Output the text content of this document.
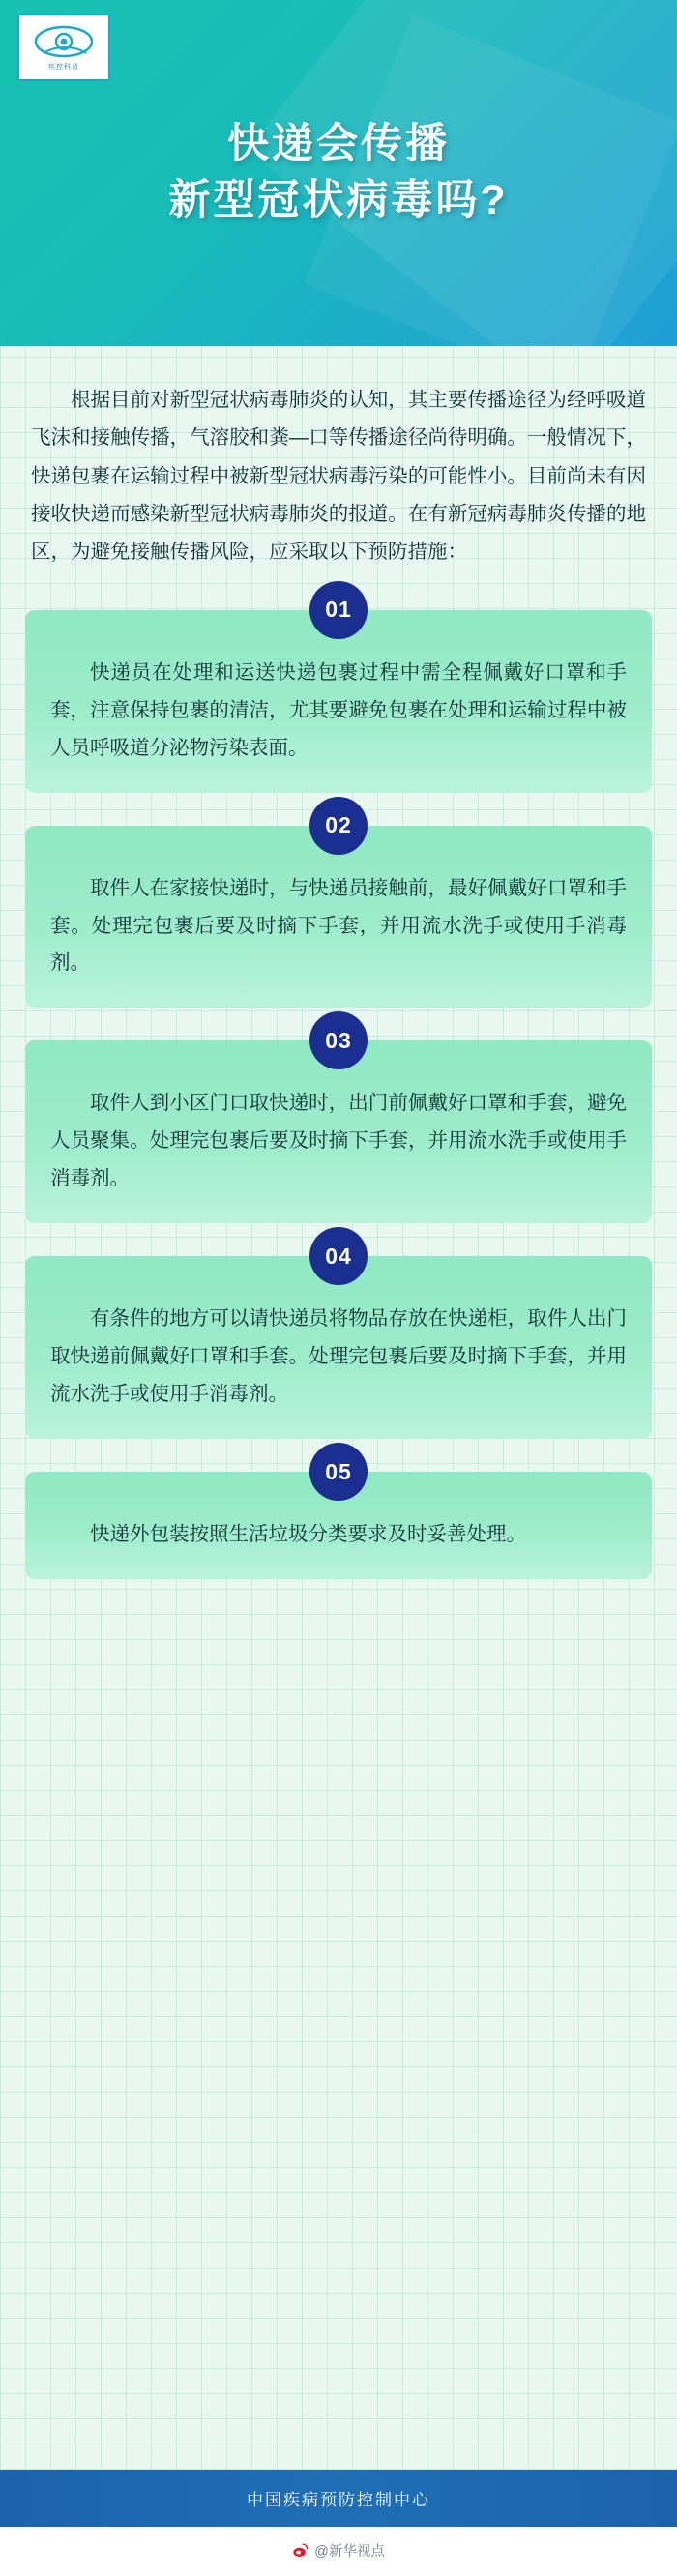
疾控科普
快递会传播
新型冠状病毒吗?

根据目前对新型冠状病毒肺炎的认知，其主要传播途径为经呼吸道飞沫和接触传播，气溶胶和粪—口等传播途径尚待明确。一般情况下，快递包裹在运输过程中被新型冠状病毒污染的可能性小。目前尚未有因接收快递而感染新型冠状病毒肺炎的报道。在有新冠病毒肺炎传播的地区，为避免接触传播风险，应采取以下预防措施：

01
快递员在处理和运送快递包裹过程中需全程佩戴好口罩和手套，注意保持包裹的清洁，尤其要避免包裹在处理和运输过程中被人员呼吸道分泌物污染表面。
02
取件人在家接快递时，与快递员接触前，最好佩戴好口罩和手套。处理完包裹后要及时摘下手套，并用流水洗手或使用手消毒剂。
03
取件人到小区门口取快递时，出门前佩戴好口罩和手套，避免人员聚集。处理完包裹后要及时摘下手套，并用流水洗手或使用手消毒剂。
04
有条件的地方可以请快递员将物品存放在快递柜，取件人出门取快递前佩戴好口罩和手套。处理完包裹后要及时摘下手套，并用流水洗手或使用手消毒剂。
05
快递外包装按照生活垃圾分类要求及时妥善处理。
中国疾病预防控制中心
@新华视点
